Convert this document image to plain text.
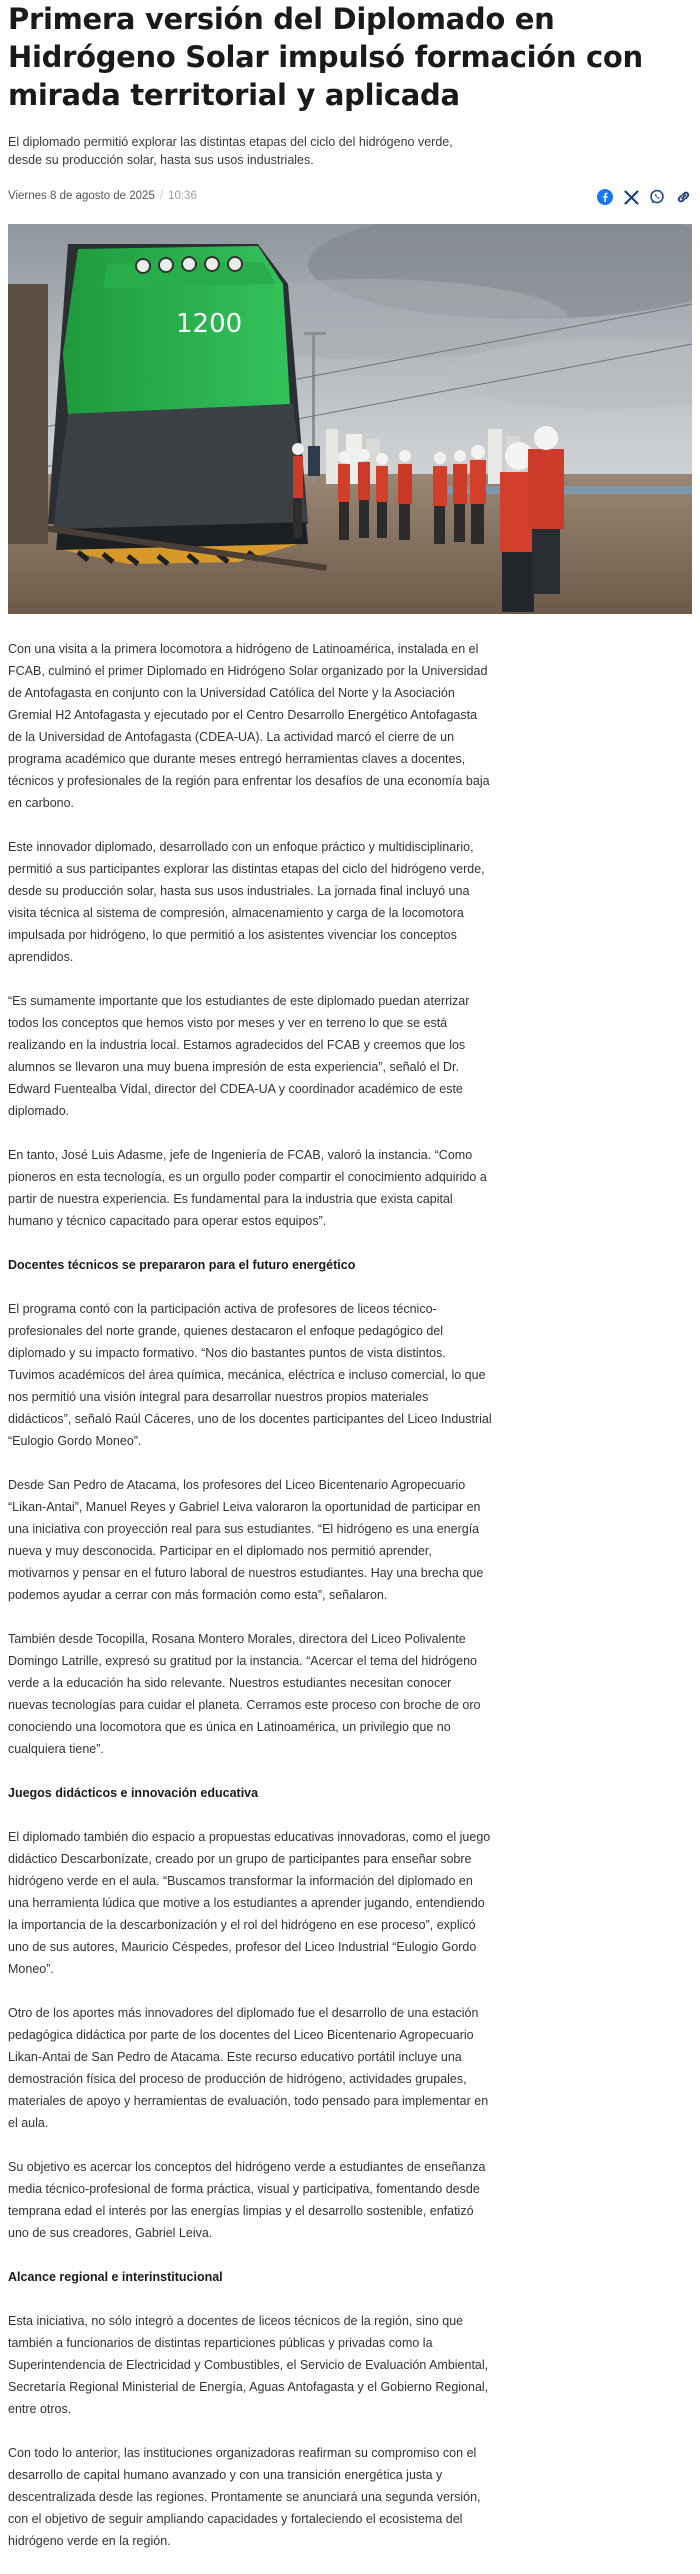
Primera versión del Diplomado en Hidrógeno Solar impulsó formación con mirada territorial y aplicada

El diplomado permitió explorar las distintas etapas del ciclo del hidrógeno verde, desde su producción solar, hasta sus usos industriales.

Viernes 8 de agosto de 2025 / 10:36
1200

Con una visita a la primera locomotora a hidrógeno de Latinoamérica, instalada en el FCAB, culminó el primer Diplomado en Hidrógeno Solar organizado por la Universidad de Antofagasta en conjunto con la Universidad Católica del Norte y la Asociación Gremial H2 Antofagasta y ejecutado por el Centro Desarrollo Energético Antofagasta de la Universidad de Antofagasta (CDEA-UA). La actividad marcó el cierre de un programa académico que durante meses entregó herramientas claves a docentes, técnicos y profesionales de la región para enfrentar los desafíos de una economía baja en carbono.

Este innovador diplomado, desarrollado con un enfoque práctico y multidisciplinario, permitió a sus participantes explorar las distintas etapas del ciclo del hidrógeno verde, desde su producción solar, hasta sus usos industriales. La jornada final incluyó una visita técnica al sistema de compresión, almacenamiento y carga de la locomotora impulsada por hidrógeno, lo que permitió a los asistentes vivenciar los conceptos aprendidos.

“Es sumamente importante que los estudiantes de este diplomado puedan aterrizar todos los conceptos que hemos visto por meses y ver en terreno lo que se está realizando en la industria local. Estamos agradecidos del FCAB y creemos que los alumnos se llevaron una muy buena impresión de esta experiencia”, señaló el Dr. Edward Fuentealba Vidal, director del CDEA-UA y coordinador académico de este diplomado.

En tanto, José Luis Adasme, jefe de Ingeniería de FCAB, valoró la instancia. “Como pioneros en esta tecnología, es un orgullo poder compartir el conocimiento adquirido a partir de nuestra experiencia. Es fundamental para la industria que exista capital humano y técnico capacitado para operar estos equipos”.

Docentes técnicos se prepararon para el futuro energético

El programa contó con la participación activa de profesores de liceos técnico-profesionales del norte grande, quienes destacaron el enfoque pedagógico del diplomado y su impacto formativo. “Nos dio bastantes puntos de vista distintos. Tuvimos académicos del área química, mecánica, eléctrica e incluso comercial, lo que nos permitió una visión integral para desarrollar nuestros propios materiales didácticos”, señaló Raúl Cáceres, uno de los docentes participantes del Liceo Industrial “Eulogio Gordo Moneo”.

Desde San Pedro de Atacama, los profesores del Liceo Bicentenario Agropecuario “Likan-Antai”, Manuel Reyes y Gabriel Leiva valoraron la oportunidad de participar en una iniciativa con proyección real para sus estudiantes. “El hidrógeno es una energía nueva y muy desconocida. Participar en el diplomado nos permitió aprender, motivarnos y pensar en el futuro laboral de nuestros estudiantes. Hay una brecha que podemos ayudar a cerrar con más formación como esta”, señalaron.

También desde Tocopilla, Rosana Montero Morales, directora del Liceo Polivalente Domingo Latrille, expresó su gratitud por la instancia. “Acercar el tema del hidrógeno verde a la educación ha sido relevante. Nuestros estudiantes necesitan conocer nuevas tecnologías para cuidar el planeta. Cerramos este proceso con broche de oro conociendo una locomotora que es única en Latinoamérica, un privilegio que no cualquiera tiene”.

Juegos didácticos e innovación educativa

El diplomado también dio espacio a propuestas educativas innovadoras, como el juego didáctico Descarbonízate, creado por un grupo de participantes para enseñar sobre hidrógeno verde en el aula. “Buscamos transformar la información del diplomado en una herramienta lúdica que motive a los estudiantes a aprender jugando, entendiendo la importancia de la descarbonización y el rol del hidrógeno en ese proceso”, explicó uno de sus autores, Mauricio Céspedes, profesor del Liceo Industrial “Eulogio Gordo Moneo”.

Otro de los aportes más innovadores del diplomado fue el desarrollo de una estación pedagógica didáctica por parte de los docentes del Liceo Bicentenario Agropecuario Likan-Antai de San Pedro de Atacama. Este recurso educativo portátil incluye una demostración física del proceso de producción de hidrógeno, actividades grupales, materiales de apoyo y herramientas de evaluación, todo pensado para implementar en el aula.

Su objetivo es acercar los conceptos del hidrógeno verde a estudiantes de enseñanza media técnico-profesional de forma práctica, visual y participativa, fomentando desde temprana edad el interés por las energías limpias y el desarrollo sostenible, enfatizó uno de sus creadores, Gabriel Leiva.

Alcance regional e interinstitucional

Esta iniciativa, no sólo integró a docentes de liceos técnicos de la región, sino que también a funcionarios de distintas reparticiones públicas y privadas como la Superintendencia de Electricidad y Combustibles, el Servicio de Evaluación Ambiental, Secretaría Regional Ministerial de Energía, Aguas Antofagasta y el Gobierno Regional, entre otros.

Con todo lo anterior, las instituciones organizadoras reafirman su compromiso con el desarrollo de capital humano avanzado y con una transición energética justa y descentralizada desde las regiones. Prontamente se anunciará una segunda versión, con el objetivo de seguir ampliando capacidades y fortaleciendo el ecosistema del hidrógeno verde en la región.
